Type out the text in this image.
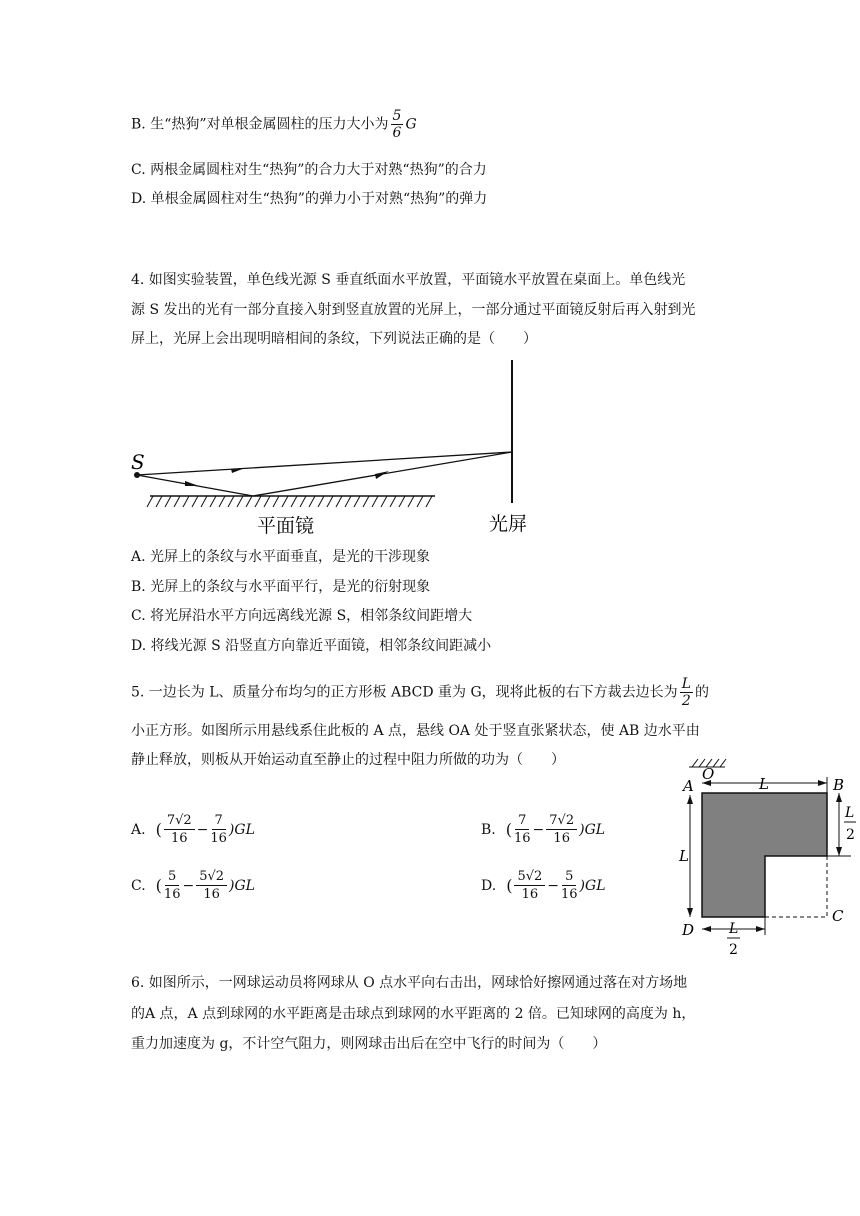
B. 生“热狗”对单根金属圆柱的压力大小为 $\frac{5}{6}$ G
C. 两根金属圆柱对生“热狗”的合力大于对熟“热狗”的合力
D. 单根金属圆柱对生“热狗”的弹力小于对熟“热狗”的弹力
4. 如图实验装置，单色线光源 S 垂直纸面水平放置，平面镜水平放置在桌面上。单色线光
源 S 发出的光有一部分直接入射到竖直放置的光屏上，一部分通过平面镜反射后再入射到光
屏上，光屏上会出现明暗相间的条纹，下列说法正确的是（　　）
S
平面镜	光屏
A. 光屏上的条纹与水平面垂直，是光的干涉现象
B. 光屏上的条纹与水平面平行，是光的衍射现象
C. 将光屏沿水平方向远离线光源 S，相邻条纹间距增大
D. 将线光源 S 沿竖直方向靠近平面镜，相邻条纹间距减小
5. 一边长为 L、质量分布均匀的正方形板 ABCD 重为 G，现将此板的右下方裁去边长为 $\frac{L}{2}$ 的
小正方形。如图所示用悬线系住此板的 A 点，悬线 OA 处于竖直张紧状态，使 AB 边水平由
静止释放，则板从开始运动直至静止的过程中阻力所做的功为（　　）
A. ( $\frac{7√2}{16} - \frac{7}{16} )GL$	B. ( $\frac{7}{16} - \frac{7√2}{16} )GL$
C. ( $\frac{5}{16} - \frac{5√2}{16} )GL$	D. ( $\frac{5√2}{16} - \frac{5}{16} )GL$
O
A	B
C
D
L
L
L
2
L
2
6. 如图所示，一网球运动员将网球从 O 点水平向右击出，网球恰好擦网通过落在对方场地
的A 点，A 点到球网的水平距离是击球点到球网的水平距离的 2 倍。已知球网的高度为 h，
重力加速度为 g，不计空气阻力，则网球击出后在空中飞行的时间为（　　）
